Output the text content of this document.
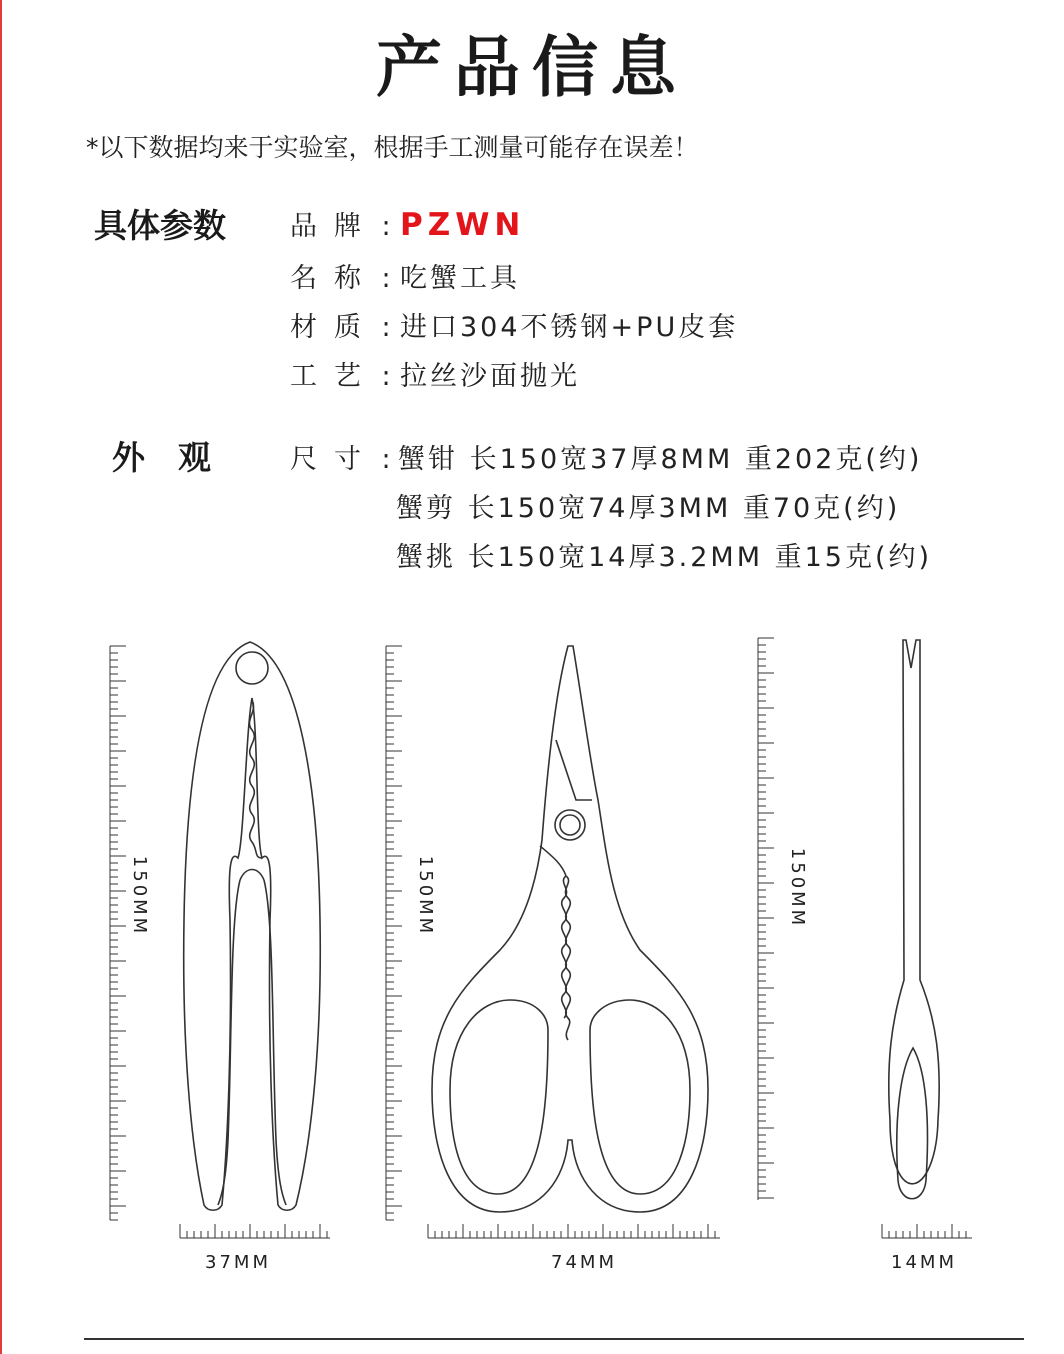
产品信息
*以下数据均来于实验室，根据手工测量可能存在误差！
具体参数 品牌 : PZWN
名称 : 吃蟹工具
材质 : 进口304不锈钢+PU皮套
工艺 : 拉丝沙面抛光
外　观	尺寸 : 蟹钳 长150宽37厚8MM 重202克(约)
蟹剪 长150宽74厚3MM 重70克(约)
蟹挑 长150宽14厚3.2MM 重15克(约)
150MM
37MM
150MM
74MM
150MM
14MM
